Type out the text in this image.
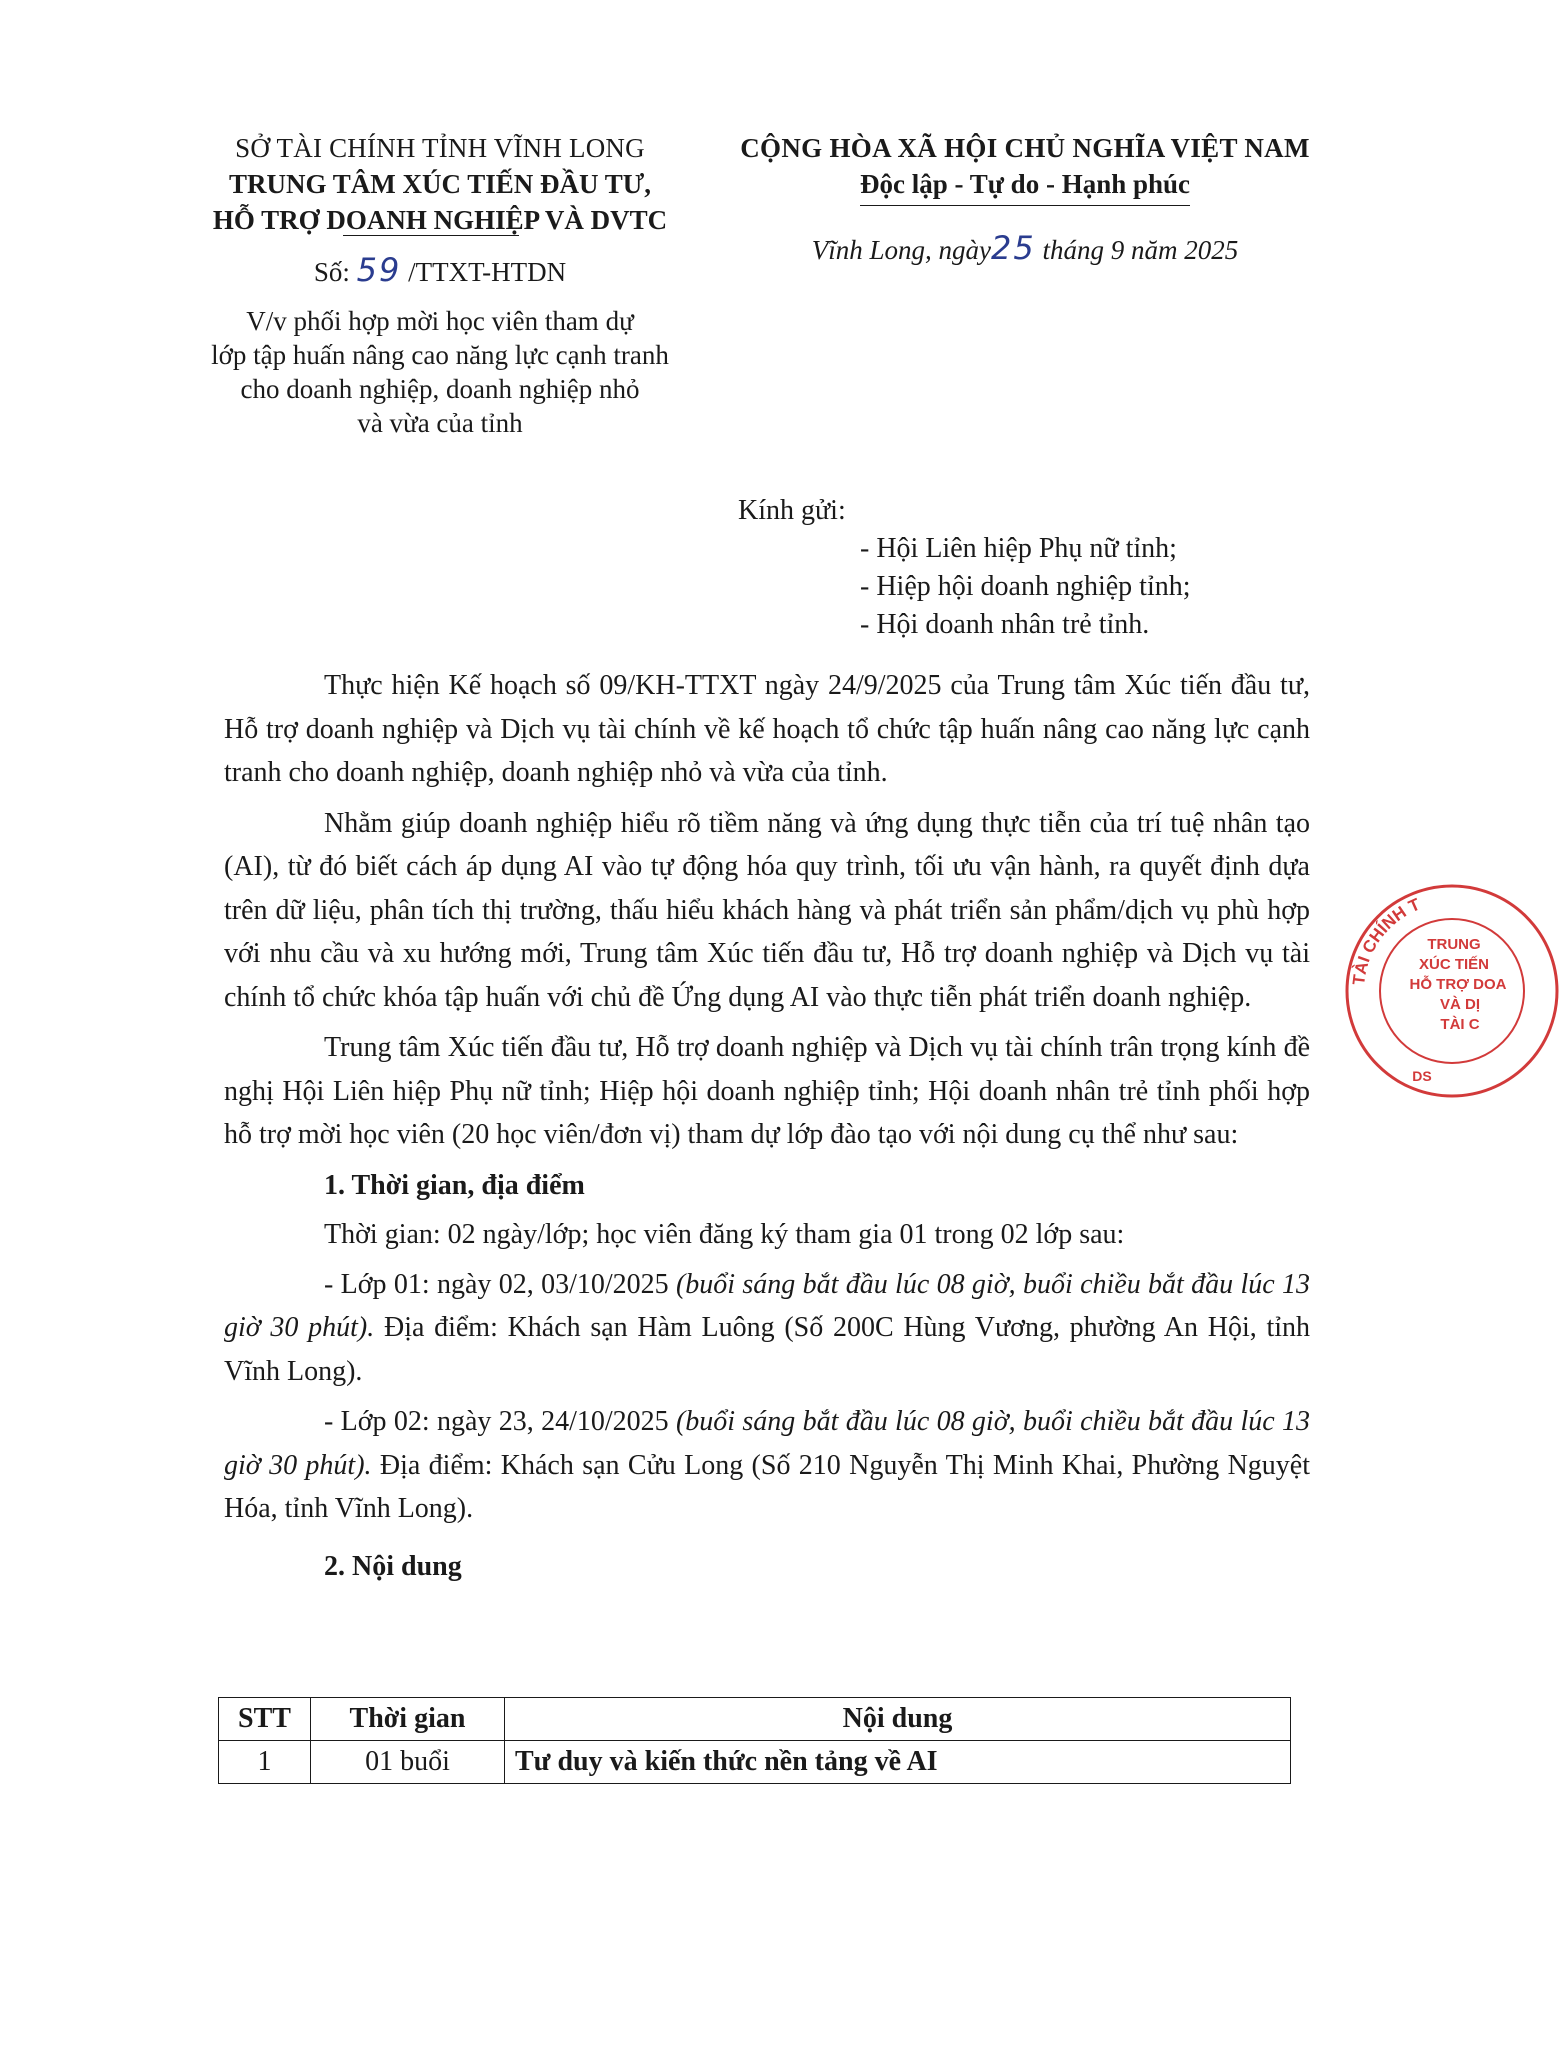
SỞ TÀI CHÍNH TỈNH VĨNH LONG
TRUNG TÂM XÚC TIẾN ĐẦU TƯ,
HỖ TRỢ DOANH NGHIỆP VÀ DVTC
Số: 59 /TTXT-HTDN
V/v phối hợp mời học viên tham dự
lớp tập huấn nâng cao năng lực cạnh tranh
cho doanh nghiệp, doanh nghiệp nhỏ
và vừa của tỉnh
CỘNG HÒA XÃ HỘI CHỦ NGHĨA VIỆT NAM
Độc lập - Tự do - Hạnh phúc
Vĩnh Long, ngày25 tháng 9 năm 2025
Kính gửi:
- Hội Liên hiệp Phụ nữ tỉnh;
- Hiệp hội doanh nghiệp tỉnh;
- Hội doanh nhân trẻ tỉnh.

Thực hiện Kế hoạch số 09/KH-TTXT ngày 24/9/2025 của Trung tâm Xúc tiến đầu tư, Hỗ trợ doanh nghiệp và Dịch vụ tài chính về kế hoạch tổ chức tập huấn nâng cao năng lực cạnh tranh cho doanh nghiệp, doanh nghiệp nhỏ và vừa của tỉnh.

Nhằm giúp doanh nghiệp hiểu rõ tiềm năng và ứng dụng thực tiễn của trí tuệ nhân tạo (AI), từ đó biết cách áp dụng AI vào tự động hóa quy trình, tối ưu vận hành, ra quyết định dựa trên dữ liệu, phân tích thị trường, thấu hiểu khách hàng và phát triển sản phẩm/dịch vụ phù hợp với nhu cầu và xu hướng mới, Trung tâm Xúc tiến đầu tư, Hỗ trợ doanh nghiệp và Dịch vụ tài chính tổ chức khóa tập huấn với chủ đề Ứng dụng AI vào thực tiễn phát triển doanh nghiệp.

Trung tâm Xúc tiến đầu tư, Hỗ trợ doanh nghiệp và Dịch vụ tài chính trân trọng kính đề nghị Hội Liên hiệp Phụ nữ tỉnh; Hiệp hội doanh nghiệp tỉnh; Hội doanh nhân trẻ tỉnh phối hợp hỗ trợ mời học viên (20 học viên/đơn vị) tham dự lớp đào tạo với nội dung cụ thể như sau:

1. Thời gian, địa điểm

Thời gian: 02 ngày/lớp; học viên đăng ký tham gia 01 trong 02 lớp sau:

- Lớp 01: ngày 02, 03/10/2025 (buổi sáng bắt đầu lúc 08 giờ, buổi chiều bắt đầu lúc 13 giờ 30 phút). Địa điểm: Khách sạn Hàm Luông (Số 200C Hùng Vương, phường An Hội, tỉnh Vĩnh Long).

- Lớp 02: ngày 23, 24/10/2025 (buổi sáng bắt đầu lúc 08 giờ, buổi chiều bắt đầu lúc 13 giờ 30 phút). Địa điểm: Khách sạn Cửu Long (Số 210 Nguyễn Thị Minh Khai, Phường Nguyệt Hóa, tỉnh Vĩnh Long).

2. Nội dung

STT	Thời gian	Nội dung
1	01 buổi	Tư duy và kiến thức nền tảng về AI
TÀI CHÍNH T
TRUNG
XÚC TIẾN
HỖ TRỢ DOA
VÀ DỊ
TÀI C
DS
